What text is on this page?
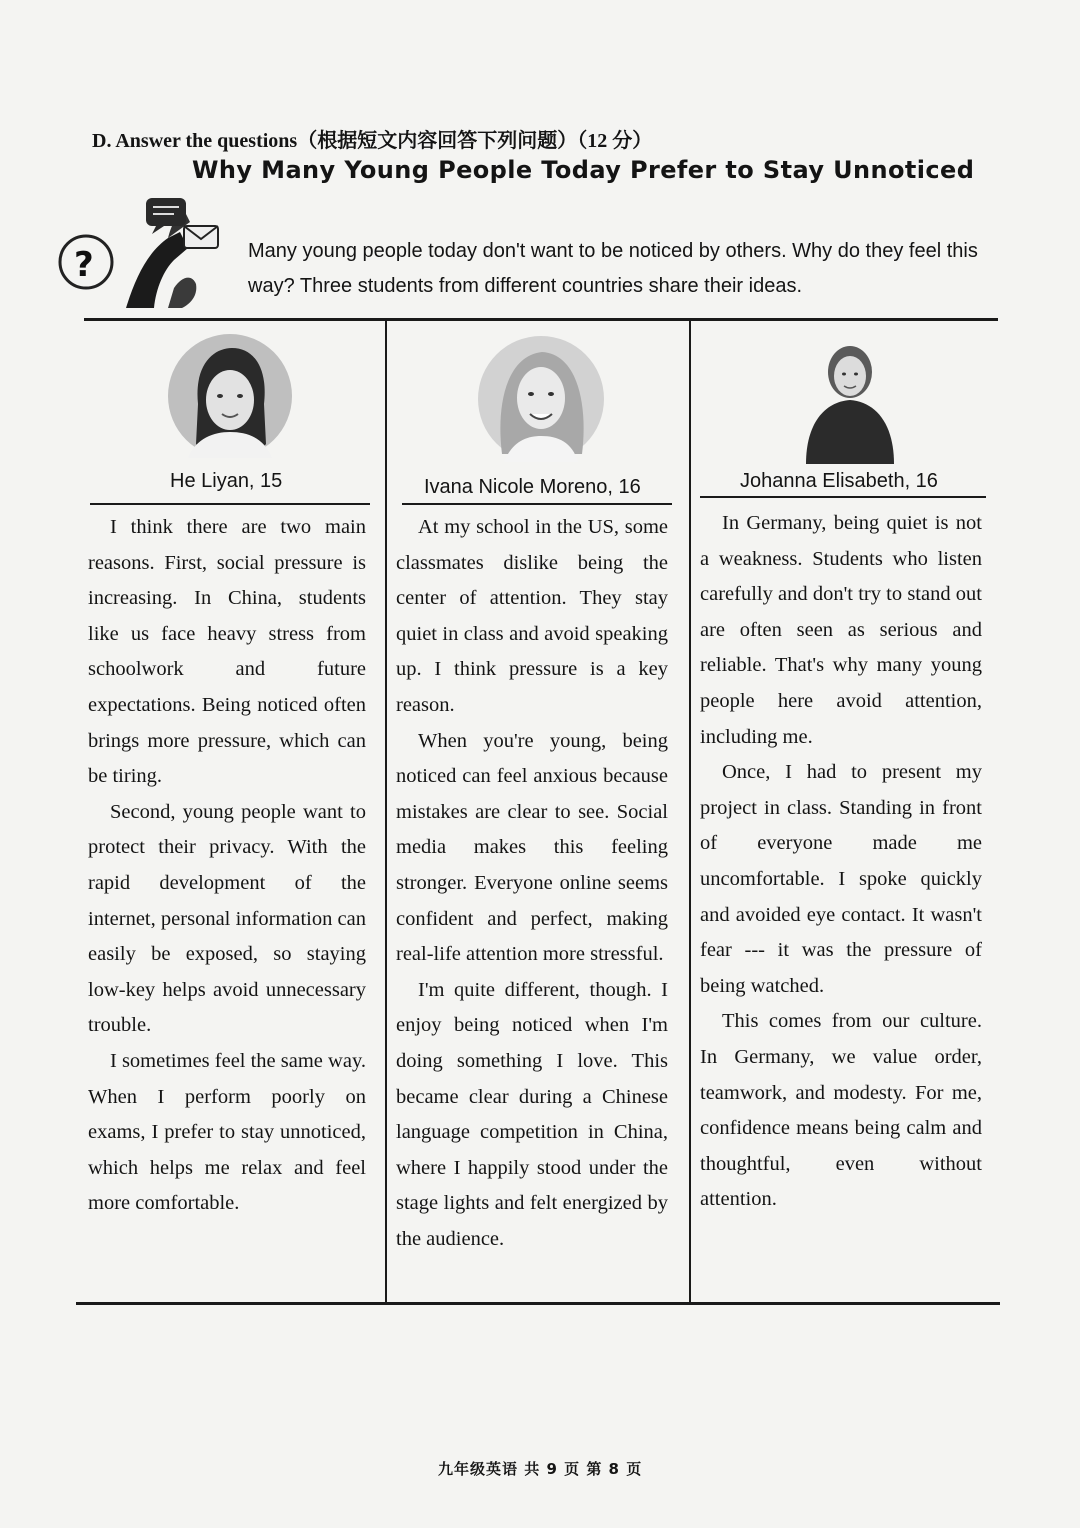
D. Answer the questions（根据短文内容回答下列问题）（12 分）
Why Many Young People Today Prefer to Stay Unnoticed
?	Many young people today don't want to be noticed by others. Why do they feel this way? Three students from different countries share their ideas.
He Liyan, 15

I think there are two main reasons. First, social pressure is increasing. In China, students like us face heavy stress from schoolwork and future expectations. Being noticed often brings more pressure, which can be tiring.

Second, young people want to protect their privacy. With the rapid development of the internet, personal information can easily be exposed, so staying low-key helps avoid unnecessary trouble.

I sometimes feel the same way. When I perform poorly on exams, I prefer to stay unnoticed, which helps me relax and feel more comfortable.

Ivana Nicole Moreno, 16

At my school in the US, some classmates dislike being the center of attention. They stay quiet in class and avoid speaking up. I think pressure is a key reason.

When you're young, being noticed can feel anxious because mistakes are clear to see. Social media makes this feeling stronger. Everyone online seems confident and perfect, making real-life attention more stressful.

I'm quite different, though. I enjoy being noticed when I'm doing something I love. This became clear during a Chinese language competition in China, where I happily stood under the stage lights and felt energized by the audience.

Johanna Elisabeth, 16

In Germany, being quiet is not a weakness. Students who listen carefully and don't try to stand out are often seen as serious and reliable. That's why many young people here avoid attention, including me.

Once, I had to present my project in class. Standing in front of everyone made me uncomfortable. I spoke quickly and avoided eye contact. It wasn't fear --- it was the pressure of being watched.

This comes from our culture. In Germany, we value order, teamwork, and modesty. For me, confidence means being calm and thoughtful, even without attention.

九年级英语 共 9 页 第 8 页
